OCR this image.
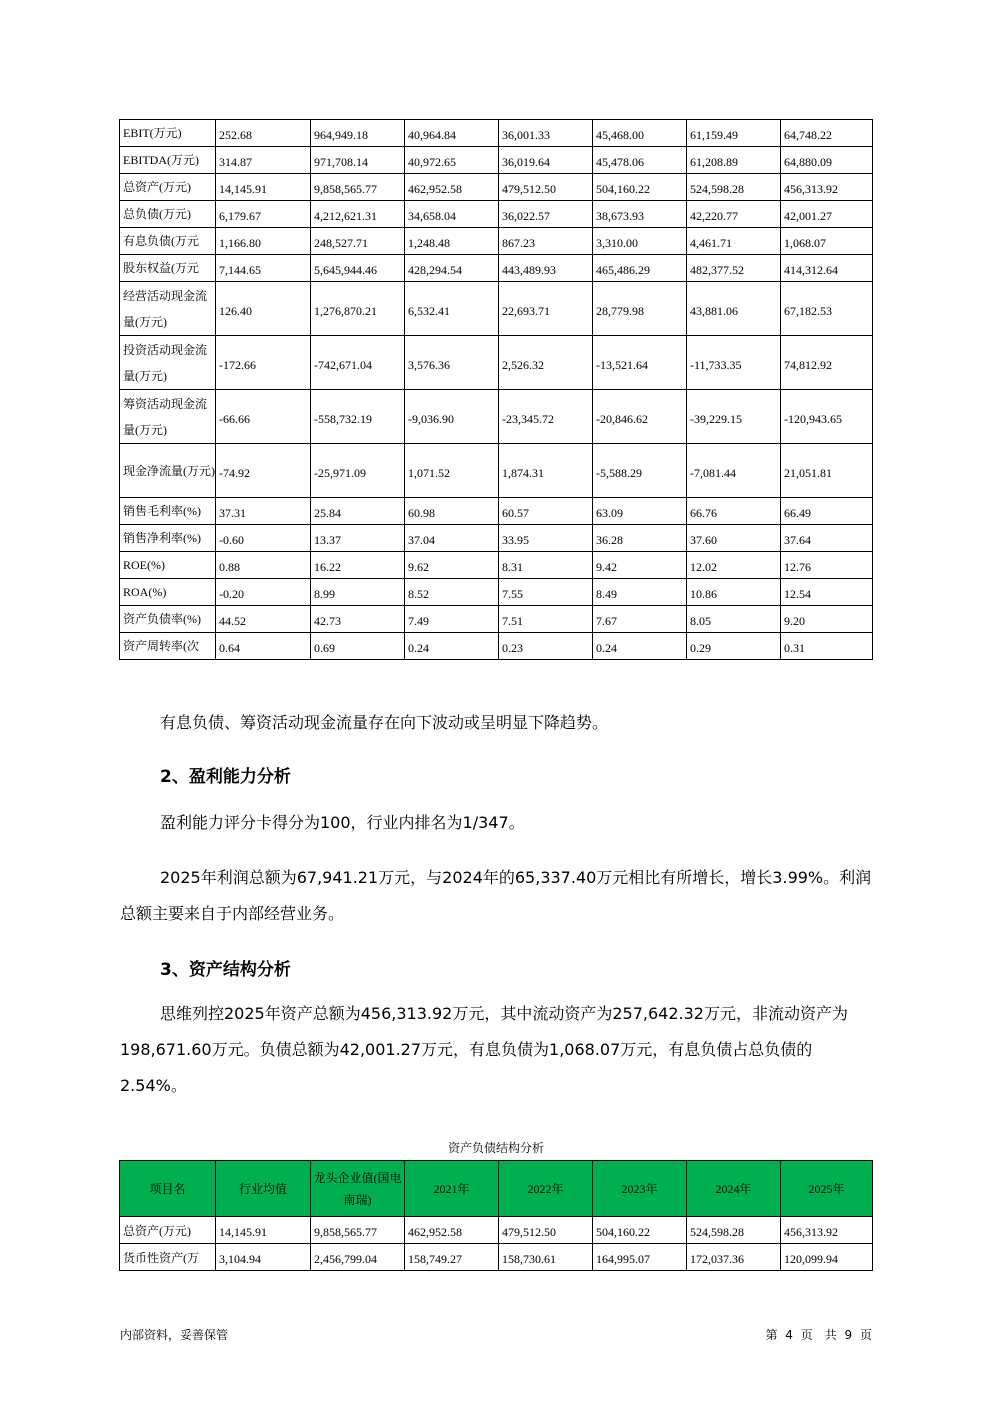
EBIT(万元)	252.68	964,949.18	40,964.84	36,001.33	45,468.00	61,159.49	64,748.22
EBITDA(万元)	314.87	971,708.14	40,972.65	36,019.64	45,478.06	61,208.89	64,880.09
总资产(万元)	14,145.91	9,858,565.77	462,952.58	479,512.50	504,160.22	524,598.28	456,313.92
总负债(万元)	6,179.67	4,212,621.31	34,658.04	36,022.57	38,673.93	42,220.77	42,001.27
有息负债(万元	1,166.80	248,527.71	1,248.48	867.23	3,310.00	4,461.71	1,068.07
股东权益(万元	7,144.65	5,645,944.46	428,294.54	443,489.93	465,486.29	482,377.52	414,312.64
经营活动现金流量(万元)	126.40	1,276,870.21	6,532.41	22,693.71	28,779.98	43,881.06	67,182.53
投资活动现金流量(万元)	-172.66	-742,671.04	3,576.36	2,526.32	-13,521.64	-11,733.35	74,812.92
筹资活动现金流量(万元)	-66.66	-558,732.19	-9,036.90	-23,345.72	-20,846.62	-39,229.15	-120,943.65
现金净流量(万元)	-74.92	-25,971.09	1,071.52	1,874.31	-5,588.29	-7,081.44	21,051.81
销售毛利率(%)	37.31	25.84	60.98	60.57	63.09	66.76	66.49
销售净利率(%)	-0.60	13.37	37.04	33.95	36.28	37.60	37.64
ROE(%)	0.88	16.22	9.62	8.31	9.42	12.02	12.76
ROA(%)	-0.20	8.99	8.52	7.55	8.49	10.86	12.54
资产负债率(%)	44.52	42.73	7.49	7.51	7.67	8.05	9.20
资产周转率(次	0.64	0.69	0.24	0.23	0.24	0.29	0.31
有息负债、筹资活动现金流量存在向下波动或呈明显下降趋势。
2、盈利能力分析
盈利能力评分卡得分为100，行业内排名为1/347。
2025年利润总额为67,941.21万元，与2024年的65,337.40万元相比有所增长，增长3.99%。利润总额主要来自于内部经营业务。
3、资产结构分析
思维列控2025年资产总额为456,313.92万元，其中流动资产为257,642.32万元，非流动资产为198,671.60万元。负债总额为42,001.27万元，有息负债为1,068.07万元，有息负债占总负债的2.54%。
资产负债结构分析
项目名	行业均值	龙头企业值(国电南瑞)	2021年	2022年	2023年	2024年	2025年
总资产(万元)	14,145.91	9,858,565.77	462,952.58	479,512.50	504,160.22	524,598.28	456,313.92
货币性资产(万	3,104.94	2,456,799.04	158,749.27	158,730.61	164,995.07	172,037.36	120,099.94
内部资料，妥善保管	第 4 页　共 9 页
